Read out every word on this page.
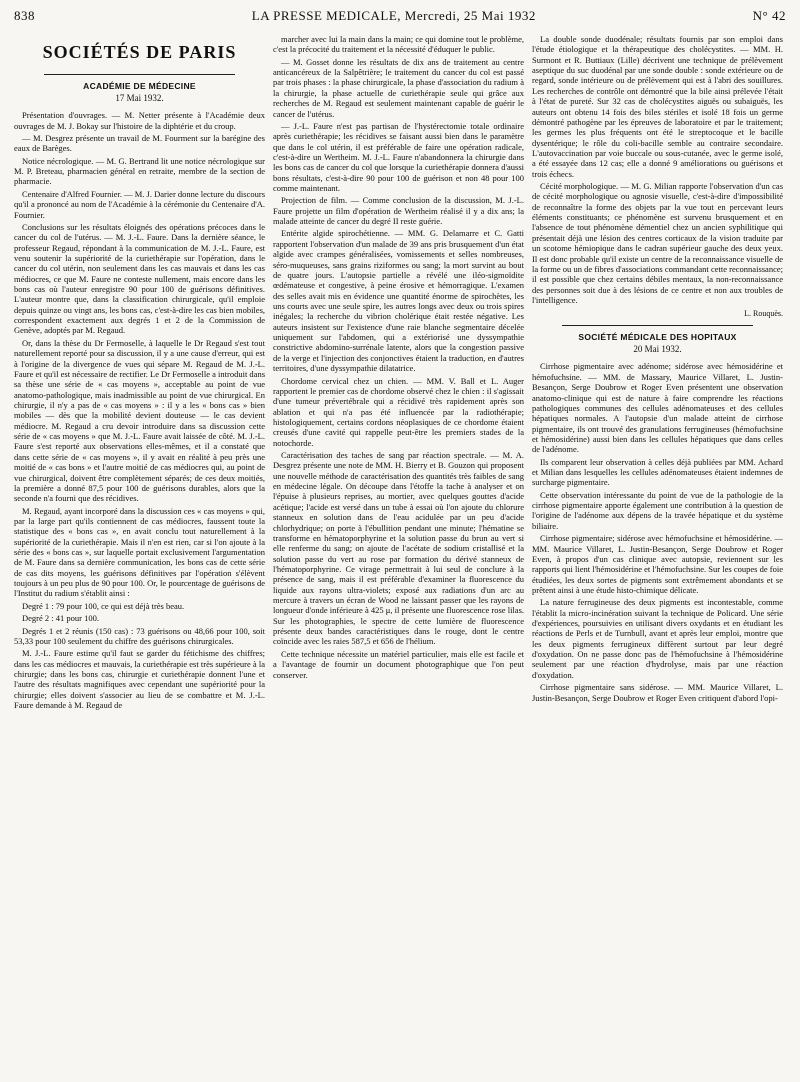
838	LA PRESSE MEDICALE, Mercredi, 25 Mai 1932	N° 42
SOCIÉTÉS DE PARIS
ACADÉMIE DE MÉDECINE
17 Mai 1932.

Présentation d'ouvrages. — M. Netter présente à l'Académie deux ouvrages de M. J. Bokay sur l'histoire de la diphtérie et du croup.

— M. Desgrez présente un travail de M. Fourment sur la barégine des eaux de Barèges.

Notice nécrologique. — M. G. Bertrand lit une notice nécrologique sur M. P. Breteau, pharmacien général en retraite, membre de la section de pharmacie.

Centenaire d'Alfred Fournier. — M. J. Darier donne lecture du discours qu'il a prononcé au nom de l'Académie à la cérémonie du Centenaire d'A. Fournier.

Conclusions sur les résultats éloignés des opérations précoces dans le cancer du col de l'utérus. — M. J.-L. Faure. Dans la dernière séance, le professeur Regaud, répondant à la communication de M. J.-L. Faure, est venu soutenir la supériorité de la curiethérapie sur l'opération, dans le cancer du col utérin, non seulement dans les cas mauvais et dans les cas médiocres, ce que M. Faure ne conteste nullement, mais encore dans les bons cas où l'auteur enregistre 90 pour 100 de guérisons définitives. L'auteur montre que, dans la classification chirurgicale, qu'il emploie depuis quinze ou vingt ans, les bons cas, c'est-à-dire les cas bien mobiles, correspondent exactement aux degrés 1 et 2 de la Commission de Genève, adoptés par M. Regaud.

Or, dans la thèse du Dr Fermoselle, à laquelle le Dr Regaud s'est tout naturellement reporté pour sa discussion, il y a une cause d'erreur, qui est à l'origine de la divergence de vues qui sépare M. Regaud de M. J.-L. Faure et qu'il est nécessaire de rectifier. Le Dr Fermoselle a introduit dans sa thèse une série de « cas moyens », acceptable au point de vue anatomo-pathologique, mais inadmissible au point de vue chirurgical. En chirurgie, il n'y a pas de « cas moyens » : il y a les « bons cas » bien mobiles — dès que la mobilité devient douteuse — le cas devient médiocre. M. Regaud a cru devoir introduire dans sa discussion cette série de « cas moyens » que M. J.-L. Faure avait laissée de côté. M. J.-L. Faure s'est reporté aux observations elles-mêmes, et il a constaté que dans cette série de « cas moyens », il y avait en réalité à peu près une moitié de « cas bons » et l'autre moitié de cas médiocres qui, au point de vue chirurgical, doivent être complètement séparés; de ces deux moitiés, la première a donné 87,5 pour 100 de guérisons durables, alors que la seconde n'a fourni que des récidives.

M. Regaud, ayant incorporé dans la discussion ces « cas moyens » qui, par la large part qu'ils contiennent de cas médiocres, faussent toute la statistique des « bons cas », en avait conclu tout naturellement à la supériorité de la curiethérapie. Mais il n'en est rien, car si l'on ajoute à la série des « bons cas », sur laquelle portait exclusivement l'argumentation de M. Faure dans sa dernière communication, les bons cas de cette série de cas dits moyens, les guérisons définitives par l'opération s'élèvent toujours à un peu plus de 90 pour 100. Or, le pourcentage de guérisons de l'Institut du radium s'établit ainsi :

Degré 1 : 79 pour 100, ce qui est déjà très beau.

Degré 2 : 41 pour 100.

Degrés 1 et 2 réunis (150 cas) : 73 guérisons ou 48,66 pour 100, soit 53,33 pour 100 seulement du chiffre des guérisons chirurgicales.

M. J.-L. Faure estime qu'il faut se garder du fétichisme des chiffres; dans les cas médiocres et mauvais, la curiethérapie est très supérieure à la chirurgie; dans les bons cas, chirurgie et curiethérapie donnent l'une et l'autre des résultats magnifiques avec cependant une supériorité pour la chirurgie; elles doivent s'associer au lieu de se combattre et M. J.-L. Faure demande à M. Regaud de

marcher avec lui la main dans la main; ce qui domine tout le problème, c'est la précocité du traitement et la nécessité d'éduquer le public.

— M. Gosset donne les résultats de dix ans de traitement au centre anticancéreux de la Salpêtrière; le traitement du cancer du col est passé par trois phases : la phase chirurgicale, la phase d'association du radium à la chirurgie, la phase actuelle de curiethérapie seule qui grâce aux recherches de M. Regaud est seulement maintenant capable de guérir le cancer de l'utérus.

— J.-L. Faure n'est pas partisan de l'hystérectomie totale ordinaire après curiethérapie; les récidives se faisant aussi bien dans le paramètre que dans le col utérin, il est préférable de faire une opération radicale, c'est-à-dire un Wertheim. M. J.-L. Faure n'abandonnera la chirurgie dans les bons cas de cancer du col que lorsque la curiethérapie donnera d'aussi bons résultats, c'est-à-dire 90 pour 100 de guérison et non 48 pour 100 comme maintenant.

Projection de film. — Comme conclusion de la discussion, M. J.-L. Faure projette un film d'opération de Wertheim réalisé il y a dix ans; la malade atteinte de cancer du degré II reste guérie.

Entérite algide spirochétienne. — MM. G. Delamarre et C. Gatti rapportent l'observation d'un malade de 39 ans pris brusquement d'un état algide avec crampes généralisées, vomissements et selles nombreuses, séro-muqueuses, sans grains riziformes ou sang; la mort survint au bout de quatre jours. L'autopsie partielle a révélé une iléo-sigmoïdite œdémateuse et congestive, à peine érosive et hémorragique. L'examen des selles avait mis en évidence une quantité énorme de spirochètes, les uns courts avec une seule spire, les autres longs avec deux ou trois spires inégales; la recherche du vibrion cholérique était restée négative. Les auteurs insistent sur l'existence d'une raie blanche segmentaire décelée uniquement sur l'abdomen, qui a extériorisé une dyssympathie constrictive abdomino-surrénale latente, alors que la congestion passive de la verge et l'injection des conjonctives étaient la traduction, en d'autres territoires, d'une dyssympathie dilatatrice.

Chordome cervical chez un chien. — MM. V. Ball et L. Auger rapportent le premier cas de chordome observé chez le chien : il s'agissait d'une tumeur prévertébrale qui a récidivé très rapidement après son ablation et qui n'a pas été influencée par la radiothérapie; histologiquement, certains cordons néoplasiques de ce chordome étaient creusés d'une cavité qui rappelle peut-être les premiers stades de la notochorde.

Caractérisation des taches de sang par réaction spectrale. — M. A. Desgrez présente une note de MM. H. Bierry et B. Gouzon qui proposent une nouvelle méthode de caractérisation des quantités très faibles de sang en médecine légale. On découpe dans l'étoffe la tache à analyser et on l'épuise à plusieurs reprises, au mortier, avec quelques gouttes d'acide acétique; l'acide est versé dans un tube à essai où l'on ajoute du chlorure stanneux en solution dans de l'eau acidulée par un peu d'acide chlorhydrique; on porte à l'ébullition pendant une minute; l'hématine se transforme en hématoporphyrine et la solution passe du brun au vert si elle renferme du sang; on ajoute de l'acétate de sodium cristallisé et la solution passe du vert au rose par formation du dérivé stanneux de l'hématoporphyrine. Ce virage permettrait à lui seul de conclure à la présence de sang, mais il est préférable d'examiner la fluorescence du liquide aux rayons ultra-violets; exposé aux radiations d'un arc au mercure à travers un écran de Wood ne laissant passer que les rayons de longueur d'onde inférieure à 425 μ, il présente une fluorescence rose lilas. Sur les photographies, le spectre de cette lumière de fluorescence présente deux bandes caractéristiques dans le rouge, dont le centre coïncide avec les raies 587,5 et 656 de l'hélium.

Cette technique nécessite un matériel particulier, mais elle est facile et a l'avantage de fournir un document photographique que l'on peut conserver.

La double sonde duodénale; résultats fournis par son emploi dans l'étude étiologique et la thérapeutique des cholécystites. — MM. H. Surmont et R. Buttiaux (Lille) décrivent une technique de prélèvement aseptique du suc duodénal par une sonde double : sonde extérieure ou de regard, sonde intérieure ou de prélèvement qui est à l'abri des souillures. Les recherches de contrôle ont démontré que la bile ainsi prélevée l'était à l'état de pureté. Sur 32 cas de cholécystites aiguës ou subaiguës, les auteurs ont obtenu 14 fois des biles stériles et isolé 18 fois un germe démontré pathogène par les épreuves de laboratoire et par le traitement; les germes les plus fréquents ont été le streptocoque et le bacille dysentérique; le rôle du coli-bacille semble au contraire secondaire. L'autovaccination par voie buccale ou sous-cutanée, avec le germe isolé, a été essayée dans 12 cas; elle a donné 9 améliorations ou guérisons et trois échecs.

Cécité morphologique. — M. G. Milian rapporte l'observation d'un cas de cécité morphologique ou agnosie visuelle, c'est-à-dire d'impossibilité de reconnaître la forme des objets par la vue tout en percevant leurs éléments constituants; ce phénomène est survenu brusquement et en l'absence de tout phénomène démentiel chez un ancien syphilitique qui présentait déjà une lésion des centres corticaux de la vision traduite par un scotome hémiopique dans le cadran supérieur gauche des deux yeux. Il est donc probable qu'il existe un centre de la reconnaissance visuelle de la forme ou un de fibres d'associations commandant cette reconnaissance; il est possible que chez certains débiles mentaux, la non-reconnaissance des personnes soit due à des lésions de ce centre et non aux troubles de l'intelligence.

L. Rouquès.
SOCIÉTÉ MÉDICALE DES HOPITAUX
20 Mai 1932.

Cirrhose pigmentaire avec adénome; sidérose avec hémosidérine et hémofuchsine. — MM. de Massary, Maurice Villaret, L. Justin-Besançon, Serge Doubrow et Roger Even présentent une observation anatomo-clinique qui est de nature à faire comprendre les réactions pathologiques communes des cellules adénomateuses et des cellules hépatiques normales. A l'autopsie d'un malade atteint de cirrhose pigmentaire, ils ont trouvé des granulations ferrugineuses (hémofuchsine et hémosidérine) aussi bien dans les cellules hépatiques que dans celles de l'adénome.

Ils comparent leur observation à celles déjà publiées par MM. Achard et Milian dans lesquelles les cellules adénomateuses étaient indemnes de surcharge pigmentaire.

Cette observation intéressante du point de vue de la pathologie de la cirrhose pigmentaire apporte également une contribution à la question de l'origine de l'adénome aux dépens de la travée hépatique et du système biliaire.

Cirrhose pigmentaire; sidérose avec hémofuchsine et hémosidérine. — MM. Maurice Villaret, L. Justin-Besançon, Serge Doubrow et Roger Even, à propos d'un cas clinique avec autopsie, reviennent sur les rapports qui lient l'hémosidérine et l'hémofuchsine. Sur les coupes de foie étudiées, les deux sortes de pigments sont extrêmement abondants et se prêtent ainsi à une étude histo-chimique délicate.

La nature ferrugineuse des deux pigments est incontestable, comme l'établit la micro-incinération suivant la technique de Policard. Une série d'expériences, poursuivies en utilisant divers oxydants et en étudiant les réactions de Perls et de Turnbull, avant et après leur emploi, montre que les deux pigments ferrugineux diffèrent surtout par leur degré d'oxydation. On ne passe donc pas de l'hémofuchsine à l'hémosidérine seulement par une réaction d'hydrolyse, mais par une réaction d'oxydation.

Cirrhose pigmentaire sans sidérose. — MM. Maurice Villaret, L. Justin-Besançon, Serge Doubrow et Roger Even critiquent d'abord l'opi-
